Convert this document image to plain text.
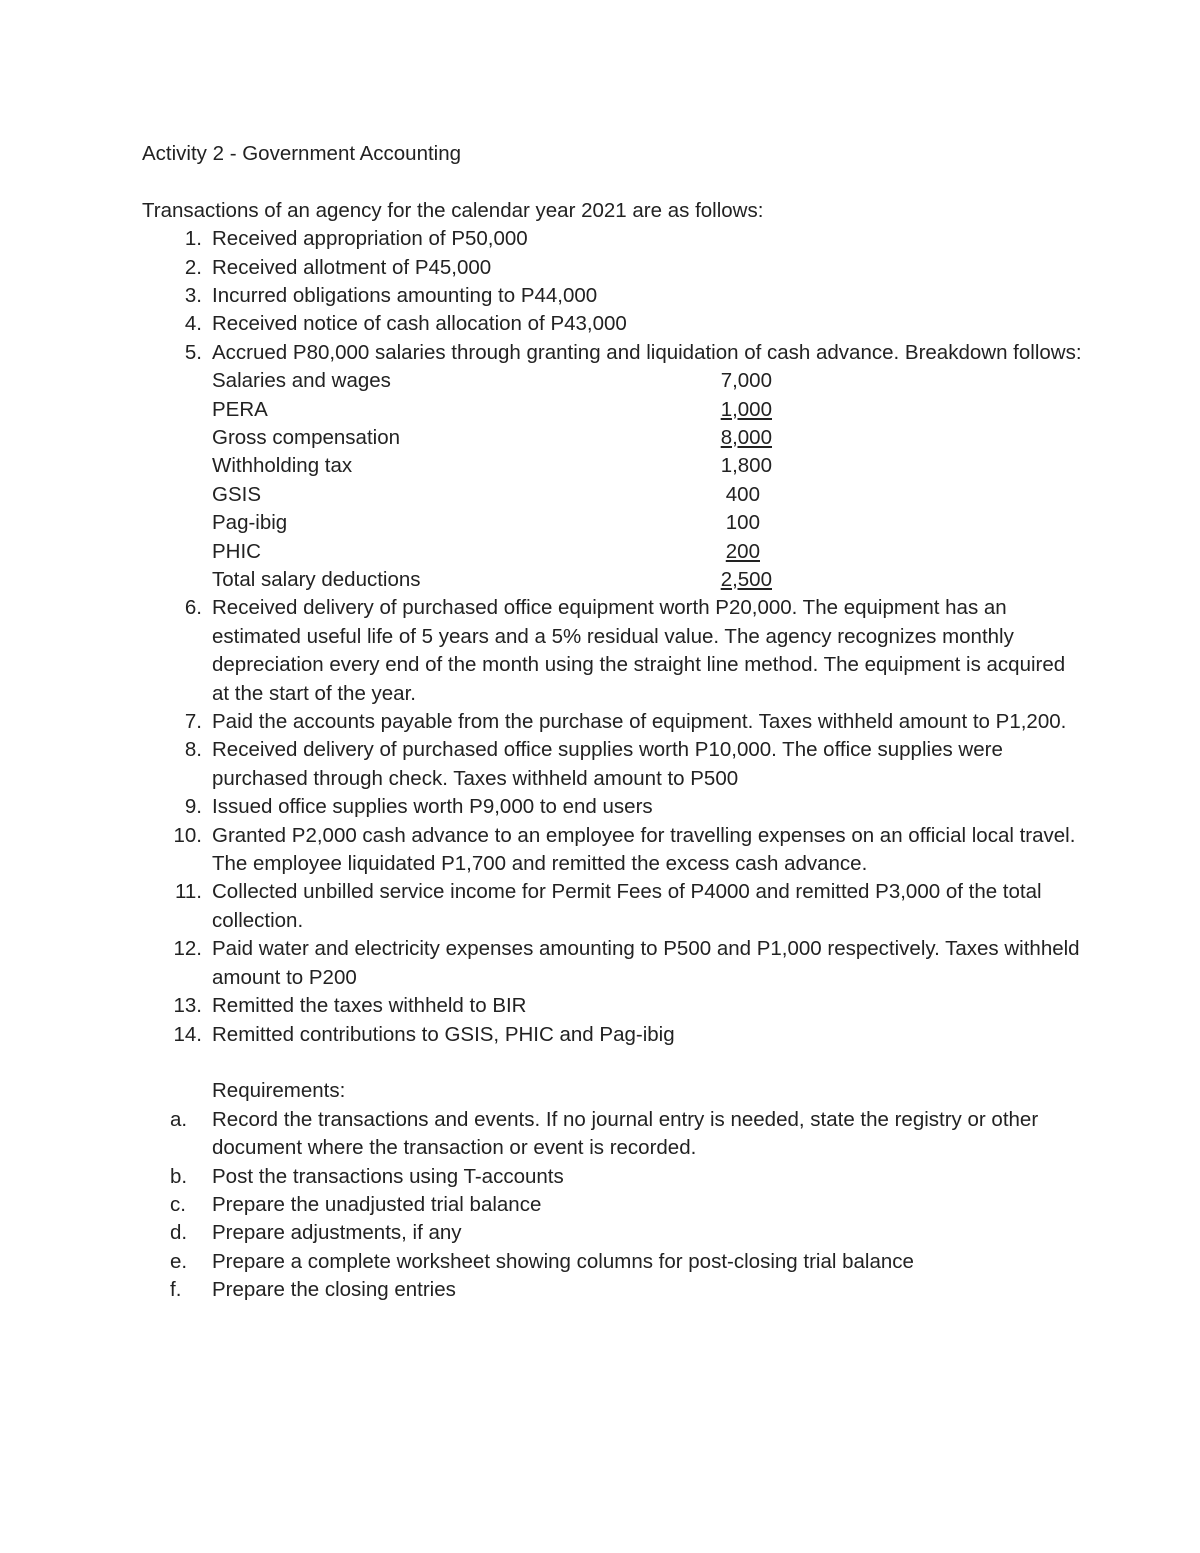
Activity 2 - Government Accounting

Transactions of an agency for the calendar year 2021 are as follows:

1. Received appropriation of P50,000
2. Received allotment of P45,000
3. Incurred obligations amounting to P44,000
4. Received notice of cash allocation of P43,000
5. Accrued P80,000 salaries through granting and liquidation of cash advance. Breakdown follows:
Salaries and wages	7,000
PERA	1,000
Gross compensation	8,000
Withholding tax	1,800
GSIS	400
Pag-ibig	100
PHIC	200
Total salary deductions	2,500
6. Received delivery of purchased office equipment worth P20,000. The equipment has an estimated useful life of 5 years and a 5% residual value. The agency recognizes monthly depreciation every end of the month using the straight line method. The equipment is acquired at the start of the year.
7. Paid the accounts payable from the purchase of equipment. Taxes withheld amount to P1,200.
8. Received delivery of purchased office supplies worth P10,000. The office supplies were purchased through check. Taxes withheld amount to P500
9. Issued office supplies worth P9,000 to end users
10. Granted P2,000 cash advance to an employee for travelling expenses on an official local travel. The employee liquidated P1,700 and remitted the excess cash advance.
11. Collected unbilled service income for Permit Fees of P4000 and remitted P3,000 of the total collection.
12. Paid water and electricity expenses amounting to P500 and P1,000 respectively. Taxes withheld amount to P200
13. Remitted the taxes withheld to BIR
14. Remitted contributions to GSIS, PHIC and Pag-ibig
Requirements:
a.	Record the transactions and events. If no journal entry is needed, state the registry or other document where the transaction or event is recorded.
b.	Post the transactions using T-accounts
c.	Prepare the unadjusted trial balance
d.	Prepare adjustments, if any
e.	Prepare a complete worksheet showing columns for post-closing trial balance
f.	Prepare the closing entries
